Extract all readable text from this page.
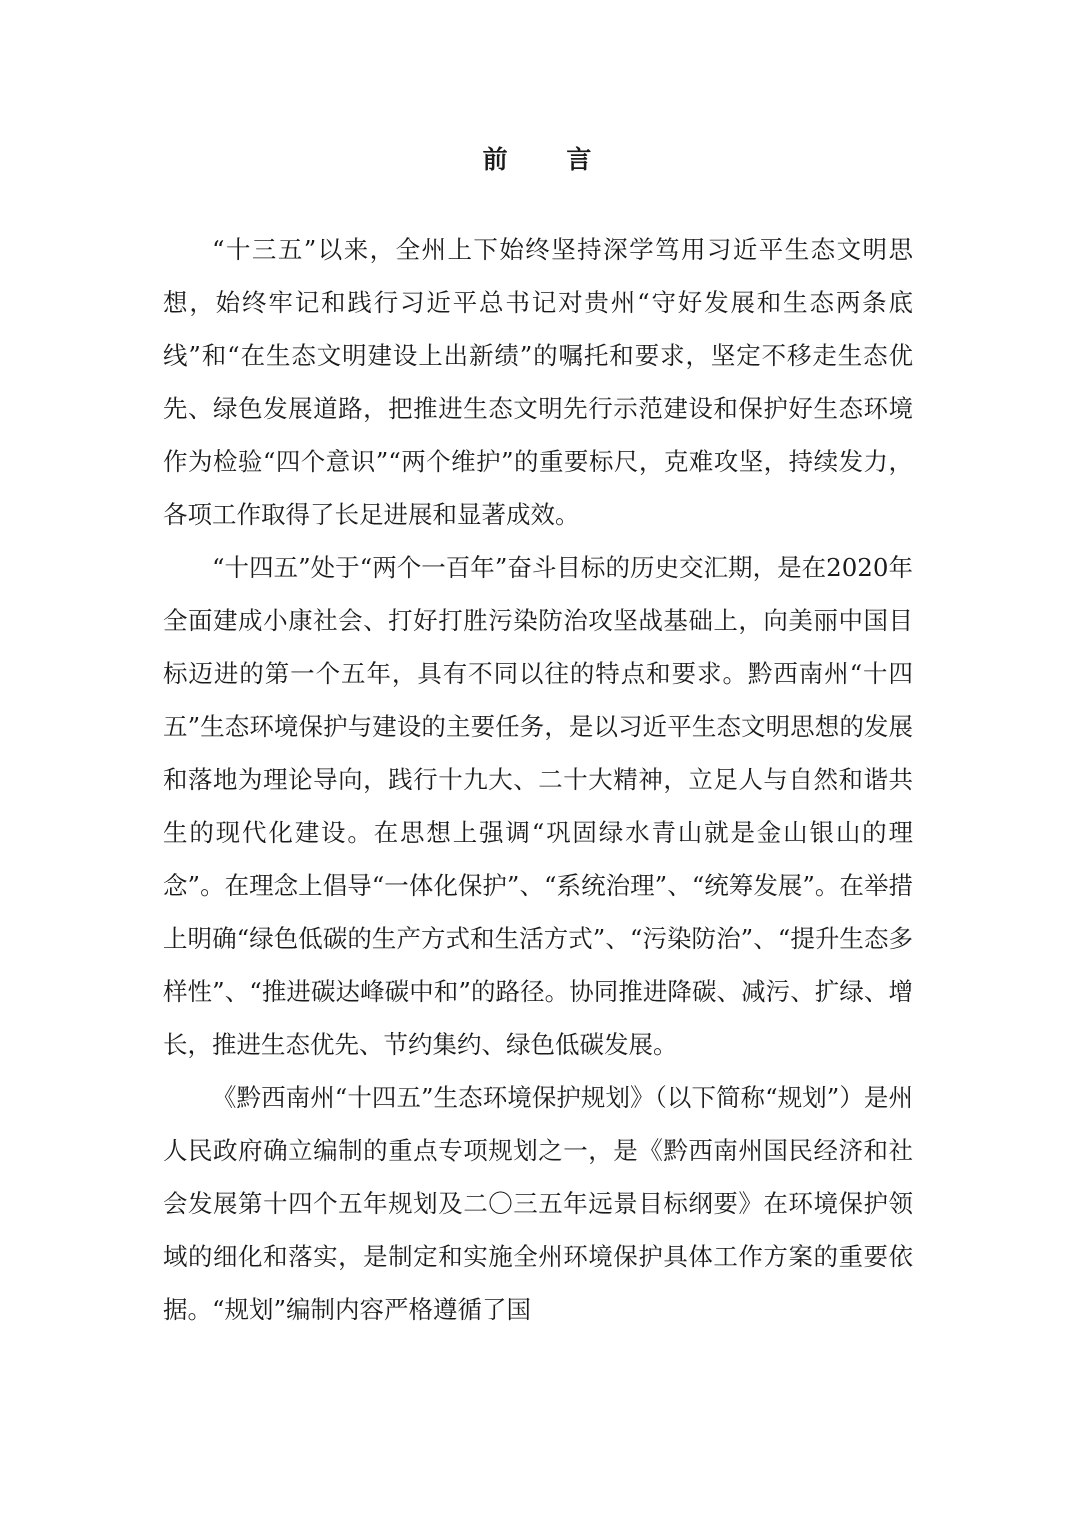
前 言

“十三五”以来，全州上下始终坚持深学笃用习近平生态文明思想，始终牢记和践行习近平总书记对贵州“守好发展和生态两条底线”和“在生态文明建设上出新绩”的嘱托和要求，坚定不移走生态优先、绿色发展道路，把推进生态文明先行示范建设和保护好生态环境作为检验“四个意识”“两个维护”的重要标尺，克难攻坚，持续发力，各项工作取得了长足进展和显著成效。

“十四五”处于“两个一百年”奋斗目标的历史交汇期，是在2020年全面建成小康社会、打好打胜污染防治攻坚战基础上，向美丽中国目标迈进的第一个五年，具有不同以往的特点和要求。黔西南州“十四五”生态环境保护与建设的主要任务，是以习近平生态文明思想的发展和落地为理论导向，践行十九大、二十大精神，立足人与自然和谐共生的现代化建设。在思想上强调“巩固绿水青山就是金山银山的理念”。在理念上倡导“一体化保护”、“系统治理”、“统筹发展”。在举措上明确“绿色低碳的生产方式和生活方式”、“污染防治”、“提升生态多样性”、“推进碳达峰碳中和”的路径。协同推进降碳、减污、扩绿、增长，推进生态优先、节约集约、绿色低碳发展。

《黔西南州“十四五”生态环境保护规划》（以下简称“规划”）是州人民政府确立编制的重点专项规划之一，是《黔西南州国民经济和社会发展第十四个五年规划及二〇三五年远景目标纲要》在环境保护领域的细化和落实，是制定和实施全州环境保护具体工作方案的重要依据。“规划”编制内容严格遵循了国
